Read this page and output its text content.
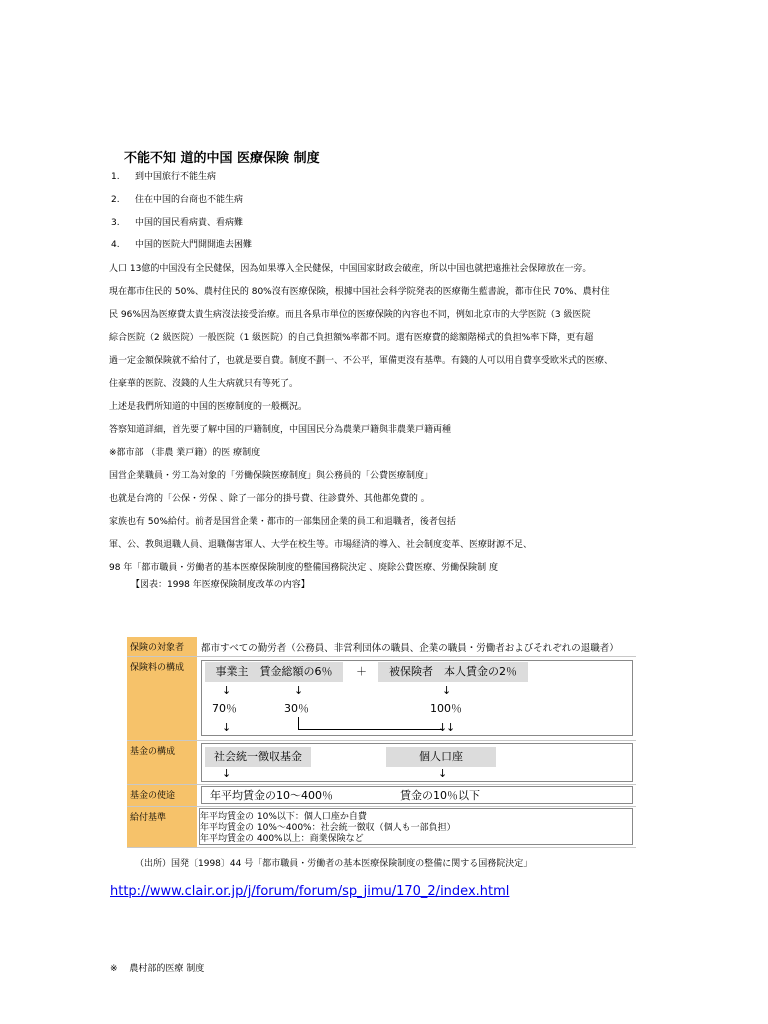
不能不知 道的中国 医療保険 制度
1. 到中国旅行不能生病
2. 住在中国的台商也不能生病
3. 中国的国民看病貴、看病難
4. 中国的医院大門開開進去困難
人口 13億的中国没有全民健保，因為如果導入全民健保，中国国家財政会破産，所以中国也就把遠推社会保障放在一旁。
現在都市住民的 50%、農村住民的 80%沒有医療保険，根據中国社会科学院発表的医療衛生藍書說，都市住民 70%、農村住
民 96%因為医療費太貴生病沒法接受治療。而且各県市単位的医療保険的內容也不同，例如北京市的大学医院（3 級医院
綜合医院（2 級医院）一般医院（1 級医院）的自己負担額%率都不同。還有医療費的総額階梯式的負担%率下降，更有超
過一定金額保険就不給付了，也就是要自費。制度不劃一、不公平，軍備更沒有基準。有錢的人可以用自費享受欧米式的医療、
住豪華的医院、沒錢的人生大病就只有等死了。
上述是我們所知道的中国的医療制度的一般概況。
答察知道詳細，首先要了解中国的戸籍制度，中国国民分為農業戸籍與非農業戸籍両種
※都市部 （非農 業戸籍）的医 療制度
国営企業職員・労工為対象的「労働保険医療制度」與公務員的「公費医療制度」
也就是台湾的「公保・労保 、除了一部分的掛号費、往診費外、其他都免費的 。
家族也有 50%給付。前者是国営企業・都市的一部集団企業的員工和退職者，後者包括
軍、公、教與退職人員、退職傷害軍人、大学在校生等。市場経済的導入、社会制度変革、医療財源不足、
98 年「都市職員・労働者的基本医療保険制度的整備国務院決定 、廃除公費医療、労働保険制 度
【図表：1998 年医療保険制度改革の内容】
保険の対象者	都市すべての勤労者（公務員、非営利団体の職員、企業の職員・労働者およびそれぞれの退職者）
保険料の構成	事業主　賃金総額の6％	＋	被保険者　本人賃金の2％
↓	↓	↓
70％	30％	100％
↓
↓
↓
基金の構成	社会統一徴収基金	個人口座
↓	↓
基金の使途	年平均賃金の10～400％	賃金の10％以下
給付基準	年平均賃金の 10%以下：個人口座か自費
年平均賃金の 10%～400%：社会統一徴収（個人も一部負担）
年平均賃金の 400%以上：商業保険など
（出所）国発〔1998〕44 号「都市職員・労働者の基本医療保険制度の整備に関する国務院決定」
http://www.clair.or.jp/j/forum/forum/sp_jimu/170_2/index.html
※　 農村部的医療 制度
